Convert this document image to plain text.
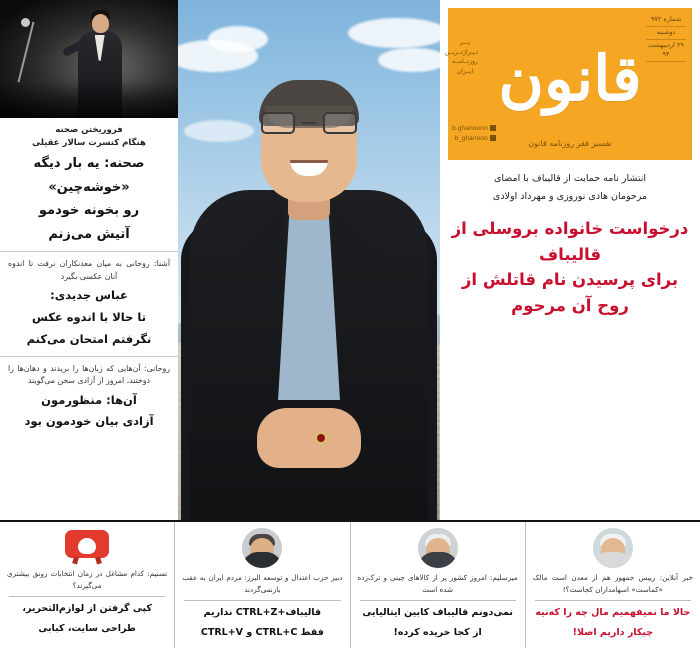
فروریختن صحنه
هنگام کنسرت سالار عقیلی
صحنه: یه بار دیگه
«خوشه‌چین»
رو بخونه خودمو
آتیش می‌زنم
آشنا: روحانی به میان معدنکاران نرفت تا اندوه آنان عکسی بگیرد
عباس جدیدی:
تا حالا با اندوه عکس
نگرفتم امتحان می‌کنم
روحانی: آن‌هایی که زبان‌ها را بریدند و دهان‌ها را دوختند، امروز از آزادی سخن می‌گویند
آن‌ها: منظورمون
آزادی بیان خودمون بود
شماره ۹۷۲
دوشنبه
۲۹ اردیبهشت ۹۴
پـــر تـیـراژتــریــن روزنــامــه ایــران قانون
b.ghanoonn
b_ghanoon
تفسیر فقر روزنامه قانون
انتشار نامه حمایت از قالیباف با امضای
مرحومان هادی نوروزی و مهرداد اولادی
درخواست خانواده بروسلی از قالیباف
برای پرسیدن نام قاتلش از روح آن مرحوم
خبر آنلاین: رییس جمهور هم از معدن است مالک «کماست» اسهامداران کجاست؟!
حالا ما نمیفهمیم مال چه را که‌نیه
چیکار داریم اصلا!
میرسلیم: امروز کشور پر از کالاهای چینی و ترک‌زده شده است
نمی‌دونم قالیباف کابین ایتالیایی
از کجا خریده کرده!
دبیر حزب اعتدال و توسعه البرز: مردم ایران به عقب بازنمی‌گردند
قالیباف+CTRL+Z نداریم
فقط CTRL+C و CTRL+V
تسنیم: کدام مشاغل در زمان انتخابات رونق بیشتری می‌گیرند؟
کپی گرفتن از لوازم‌التحریر،
طراحی سایت، کبابی
